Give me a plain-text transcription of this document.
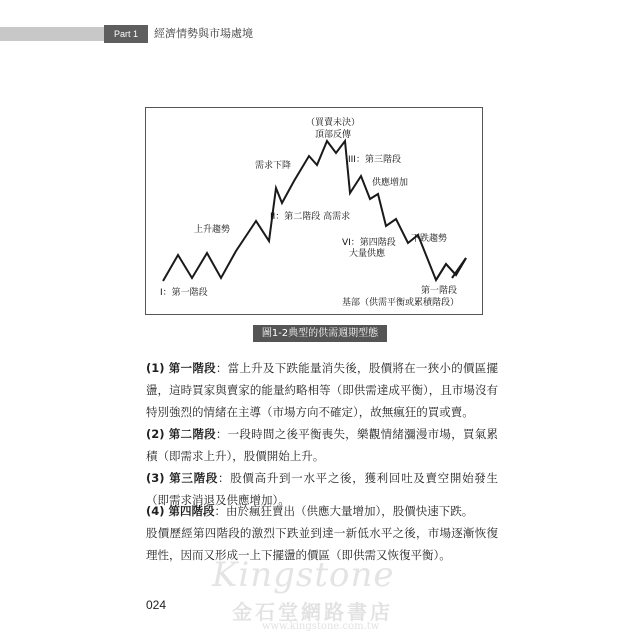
Part 1	經濟情勢與市場處境
（買賣未決）
頂部反傳
需求下降
III：第三階段
供應增加
II：第二階段 高需求
上升趨勢
VI：第四階段
大量供應
下跌趨勢
I：第一階段	第一階段
基部（供需平衡或累積階段）
圖1-2典型的供需週期型態
Kingstone
金石堂網路書店
www.kingstone.com.tw

(1) 第一階段：當上升及下跌能量消失後，股價將在一狹小的價區擺盪，這時買家與賣家的能量約略相等（即供需達成平衡），且市場沒有特別強烈的情緒在主導（市場方向不確定），故無瘋狂的買或賣。

(2) 第二階段：一段時間之後平衡喪失，樂觀情緒瀰漫市場，買氣累積（即需求上升），股價開始上升。

(3) 第三階段：股價高升到一水平之後，獲利回吐及賣空開始發生（即需求消退及供應增加）。

(4) 第四階段：由於瘋狂賣出（供應大量增加），股價快速下跌。

股價歷經第四階段的激烈下跌並到達一新低水平之後，市場逐漸恢復理性，因而又形成一上下擺盪的價區（即供需又恢復平衡）。

024
